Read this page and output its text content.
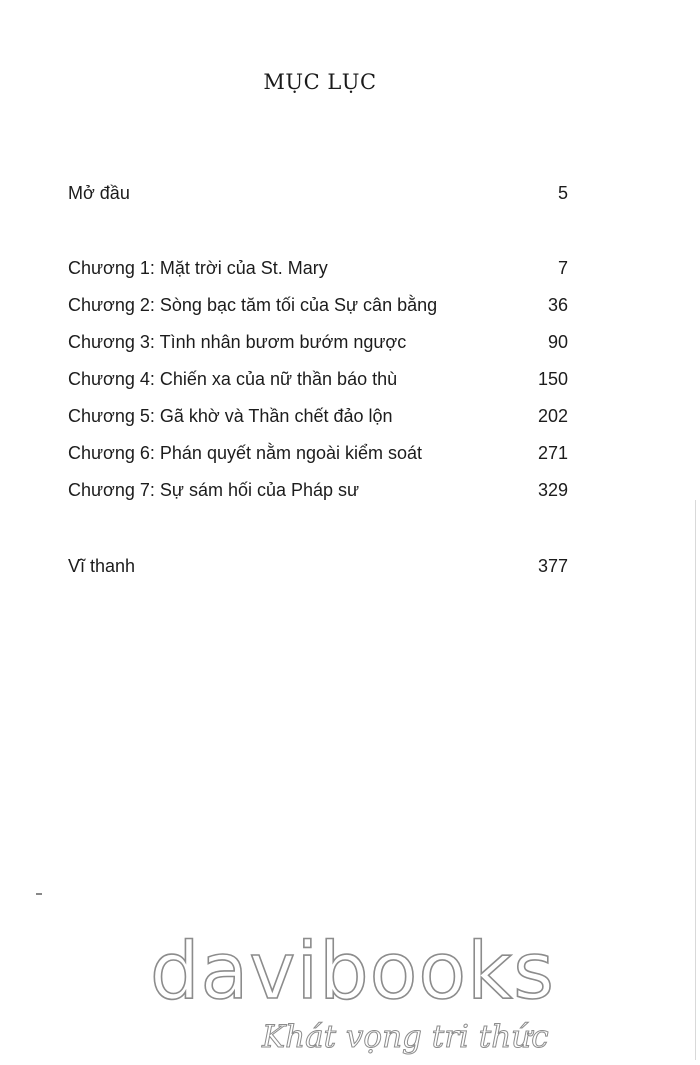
MỤC LỤC
Mở đầu	5
Chương 1: Mặt trời của St. Mary	7
Chương 2: Sòng bạc tăm tối của Sự cân bằng	36
Chương 3: Tình nhân bươm bướm ngược	90
Chương 4: Chiến xa của nữ thần báo thù	150
Chương 5: Gã khờ và Thần chết đảo lộn	202
Chương 6: Phán quyết nằm ngoài kiểm soát	271
Chương 7: Sự sám hối của Pháp sư	329
Vĩ thanh	377
davibooks
Khát vọng tri thức
